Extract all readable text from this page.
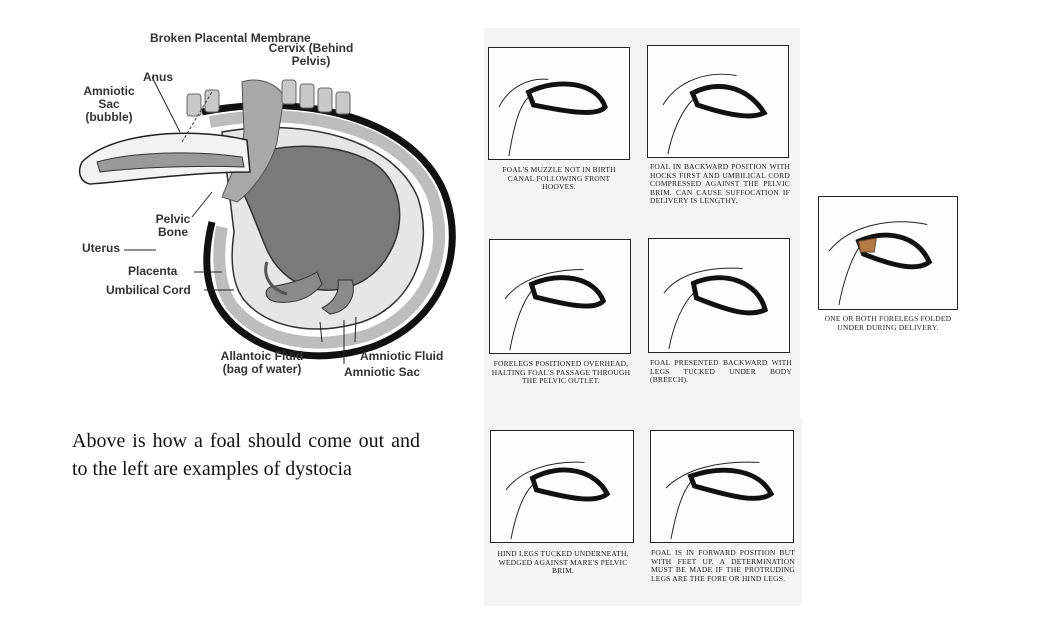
Broken Placental Membrane
Cervix (Behind Pelvis)
Anus
Amniotic Sac (bubble)
Pelvic Bone
Uterus
Placenta
Umbilical Cord
Allantoic Fluid (bag of water)
Amniotic Fluid
Amniotic Sac
Above is how a foal should come out and to the left are examples of dystocia
FOAL'S MUZZLE NOT IN BIRTH CANAL FOLLOWING FRONT HOOVES.
FOAL IN BACKWARD POSITION WITH HOCKS FIRST AND UMBILICAL CORD COMPRESSED AGAINST THE PELVIC BRIM. CAN CAUSE SUFFOCATION IF DELIVERY IS LENGTHY.
ONE OR BOTH FORELEGS FOLDED UNDER DURING DELIVERY.
FORELEGS POSITIONED OVERHEAD, HALTING FOAL'S PASSAGE THROUGH THE PELVIC OUTLET.
FOAL PRESENTED BACKWARD WITH LEGS TUCKED UNDER BODY (BREECH).
HIND LEGS TUCKED UNDERNEATH, WEDGED AGAINST MARE'S PELVIC BRIM.
FOAL IS IN FORWARD POSITION BUT WITH FEET UP. A DETERMINATION MUST BE MADE IF THE PROTRUDING LEGS ARE THE FORE OR HIND LEGS.
